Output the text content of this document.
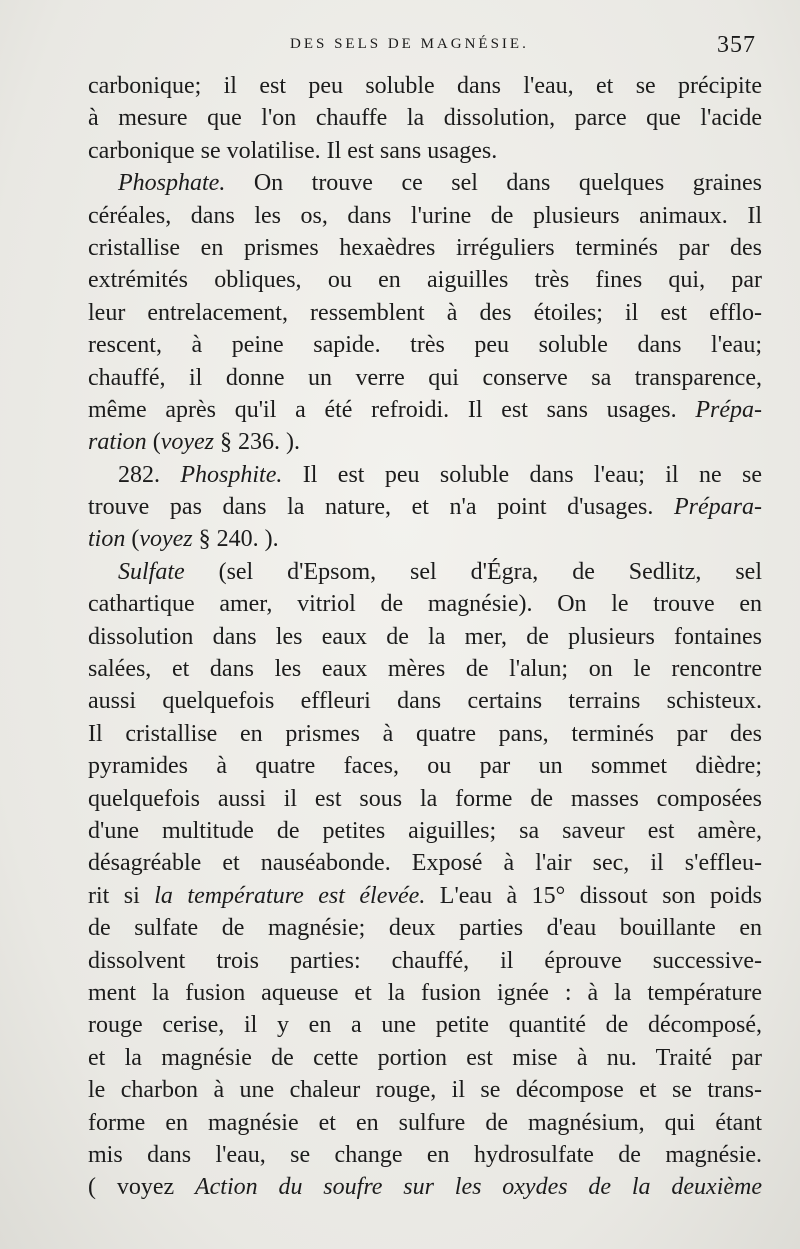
DES SELS DE MAGNÉSIE.	357
carbonique; il est peu soluble dans l'eau, et se précipite
à mesure que l'on chauffe la dissolution, parce que l'acide
carbonique se volatilise. Il est sans usages.
Phosphate. On trouve ce sel dans quelques graines
céréales, dans les os, dans l'urine de plusieurs animaux. Il
cristallise en prismes hexaèdres irréguliers terminés par des
extrémités obliques, ou en aiguilles très fines qui, par
leur entrelacement, ressemblent à des étoiles; il est efflo-
rescent, à peine sapide. très peu soluble dans l'eau;
chauffé, il donne un verre qui conserve sa transparence,
même après qu'il a été refroidi. Il est sans usages. Prépa-
ration (voyez § 236. ).
282. Phosphite. Il est peu soluble dans l'eau; il ne se
trouve pas dans la nature, et n'a point d'usages. Prépara-
tion (voyez § 240. ).
Sulfate (sel d'Epsom, sel d'Égra, de Sedlitz, sel
cathartique amer, vitriol de magnésie). On le trouve en
dissolution dans les eaux de la mer, de plusieurs fontaines
salées, et dans les eaux mères de l'alun; on le rencontre
aussi quelquefois effleuri dans certains terrains schisteux.
Il cristallise en prismes à quatre pans, terminés par des
pyramides à quatre faces, ou par un sommet dièdre;
quelquefois aussi il est sous la forme de masses composées
d'une multitude de petites aiguilles; sa saveur est amère,
désagréable et nauséabonde. Exposé à l'air sec, il s'effleu-
rit si la température est élevée. L'eau à 15° dissout son poids
de sulfate de magnésie; deux parties d'eau bouillante en
dissolvent trois parties: chauffé, il éprouve successive-
ment la fusion aqueuse et la fusion ignée : à la température
rouge cerise, il y en a une petite quantité de décomposé,
et la magnésie de cette portion est mise à nu. Traité par
le charbon à une chaleur rouge, il se décompose et se trans-
forme en magnésie et en sulfure de magnésium, qui étant
mis dans l'eau, se change en hydrosulfate de magnésie.
( voyez Action du soufre sur les oxydes de la deuxième
